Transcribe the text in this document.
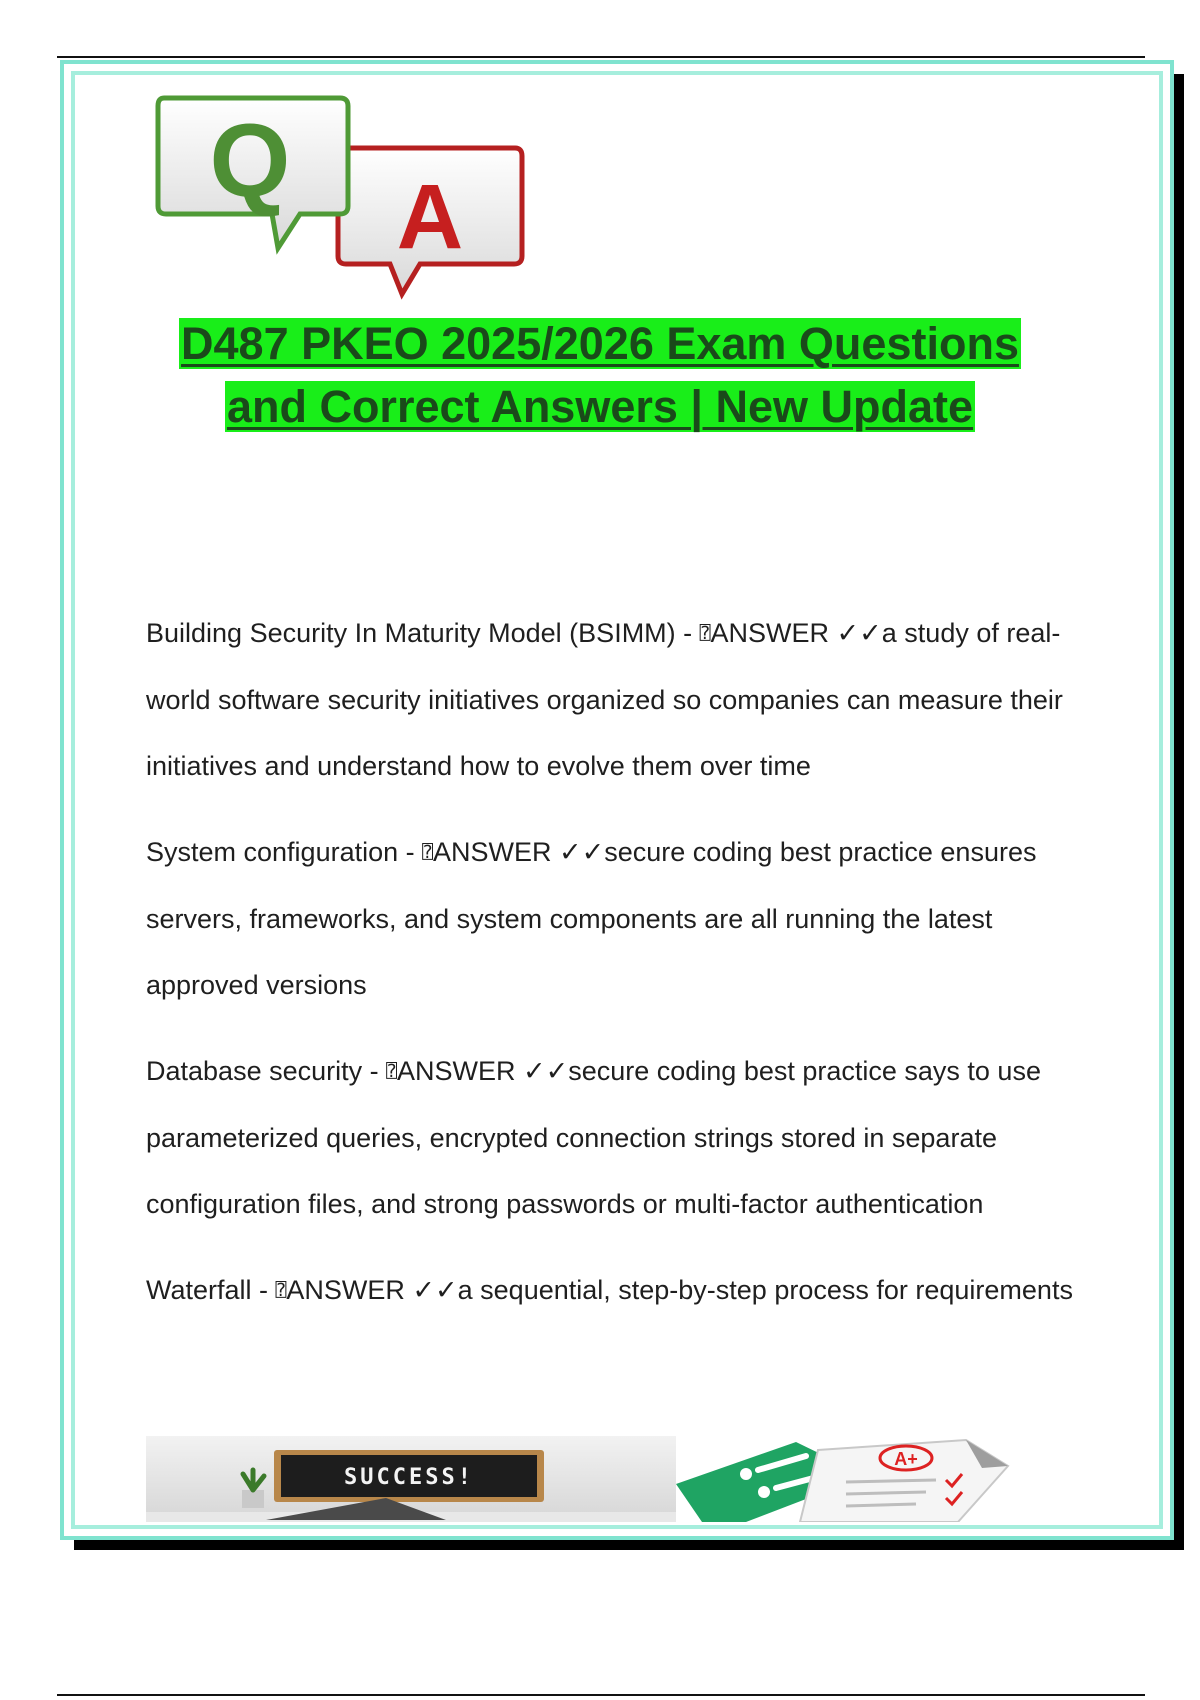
Q A
D487 PKEO 2025/2026 Exam Questions
and Correct Answers | New Update

Building Security In Maturity Model (BSIMM) - ⍰ANSWER ✓✓a study of real-world software security initiatives organized so companies can measure their initiatives and understand how to evolve them over time

System configuration - ⍰ANSWER ✓✓secure coding best practice ensures servers, frameworks, and system components are all running the latest approved versions

Database security - ⍰ANSWER ✓✓secure coding best practice says to use parameterized queries, encrypted connection strings stored in separate configuration files, and strong passwords or multi-factor authentication

Waterfall - ⍰ANSWER ✓✓a sequential, step-by-step process for requirements

SUCCESS!
A+
